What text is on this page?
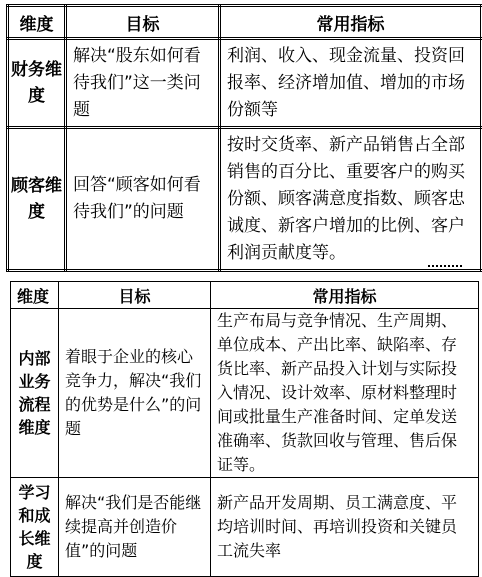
维度	目标	常用指标
财务维度	解决“股东如何看待我们”这一类问题	利润、收入、现金流量、投资回报率、经济增加值、增加的市场份额等
顾客维度	回答“顾客如何看待我们”的问题	按时交货率、新产品销售占全部销售的百分比、重要客户的购买份额、顾客满意度指数、顾客忠诚度、新客户增加的比例、客户利润贡献度等。
维度	目标	常用指标
内部业务流程维度	着眼于企业的核心竞争力，解决“我们的优势是什么”的问题	生产布局与竞争情况、生产周期、单位成本、产出比率、缺陷率、存货比率、新产品投入计划与实际投入情况、设计效率、原材料整理时间或批量生产准备时间、定单发送准确率、货款回收与管理、售后保证等。
学习和成长维度	解决“我们是否能继续提高并创造价值”的问题	新产品开发周期、员工满意度、平均培训时间、再培训投资和关键员工流失率
